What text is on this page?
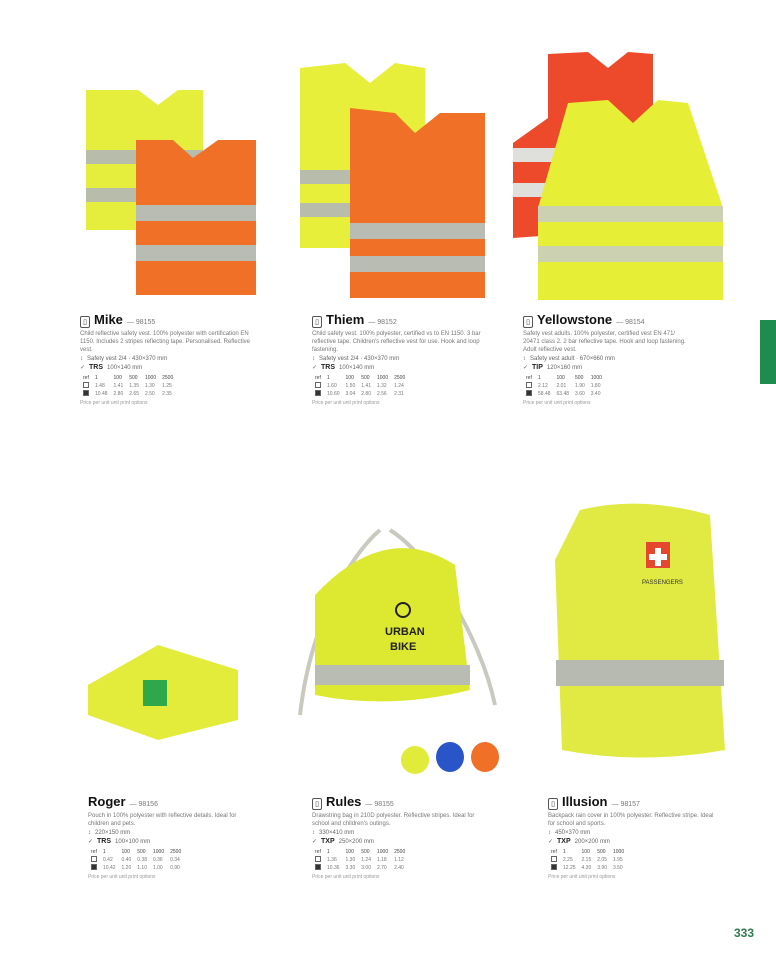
URBAN
BIKE
PASSENGERS
▯ Mike — 98155
Child reflective safety vest. 100% polyester with certification EN 1150. Includes 2 stripes reflecting tape. Personalised. Reflective vest.
↕ Safety vest 2/4 · 430×370 mm
✓ TRS 100×140 mm
ref	1	100	500	1000	2500
	1.48	1.41	1.35	1.30	1.25
	10.48	2.80	2.65	2.50	2.35
Price per unit unit print options
▯ Thiem — 98152
Child safety vest. 100% polyester, certified vs to EN 1150. 3 bar reflective tape. Children's reflective vest for use. Hook and loop fastening.
↕ Safety vest 2/4 · 430×370 mm
✓ TRS 100×140 mm
ref	1	100	500	1000	2500
	1.60	1.50	1.41	1.32	1.24
	10.60	3.04	2.80	2.56	2.31
Price per unit unit print options
▯ Yellowstone — 98154
Safety vest adults. 100% polyester, certified vest EN 471/ 20471 class 2. 2 bar reflective tape. Hook and loop fastening. Adult reflective vest.
↕ Safety vest adult · 670×660 mm
✓ TIP 120×160 mm
ref	1	100	500	1000
	2.12	2.01	1.90	1.80
	58.48	63.48	3.60	3.40
Price per unit unit print options
Roger — 98156
Pouch in 100% polyester with reflective details. Ideal for children and pets.
↕ 220×150 mm
✓ TRS 100×100 mm
ref	1	100	500	1000	2500
	0.42	0.40	0.38	0.36	0.34
	10.42	1.20	1.10	1.00	0.90
Price per unit unit print options
▯ Rules — 98155
Drawstring bag in 210D polyester. Reflective stripes. Ideal for school and children's outings.
↕ 330×410 mm
✓ TXP 250×200 mm
ref	1	100	500	1000	2500
	1.36	1.30	1.24	1.18	1.12
	10.36	3.30	3.00	2.70	2.40
Price per unit unit print options
▯ Illusion — 98157
Backpack rain cover in 100% polyester. Reflective stripe. Ideal for school and sports.
↕ 450×370 mm
✓ TXP 200×200 mm
ref	1	100	500	1000
	2.25	2.15	2.05	1.95
	12.25	4.30	3.90	3.50
Price per unit unit print options
333
